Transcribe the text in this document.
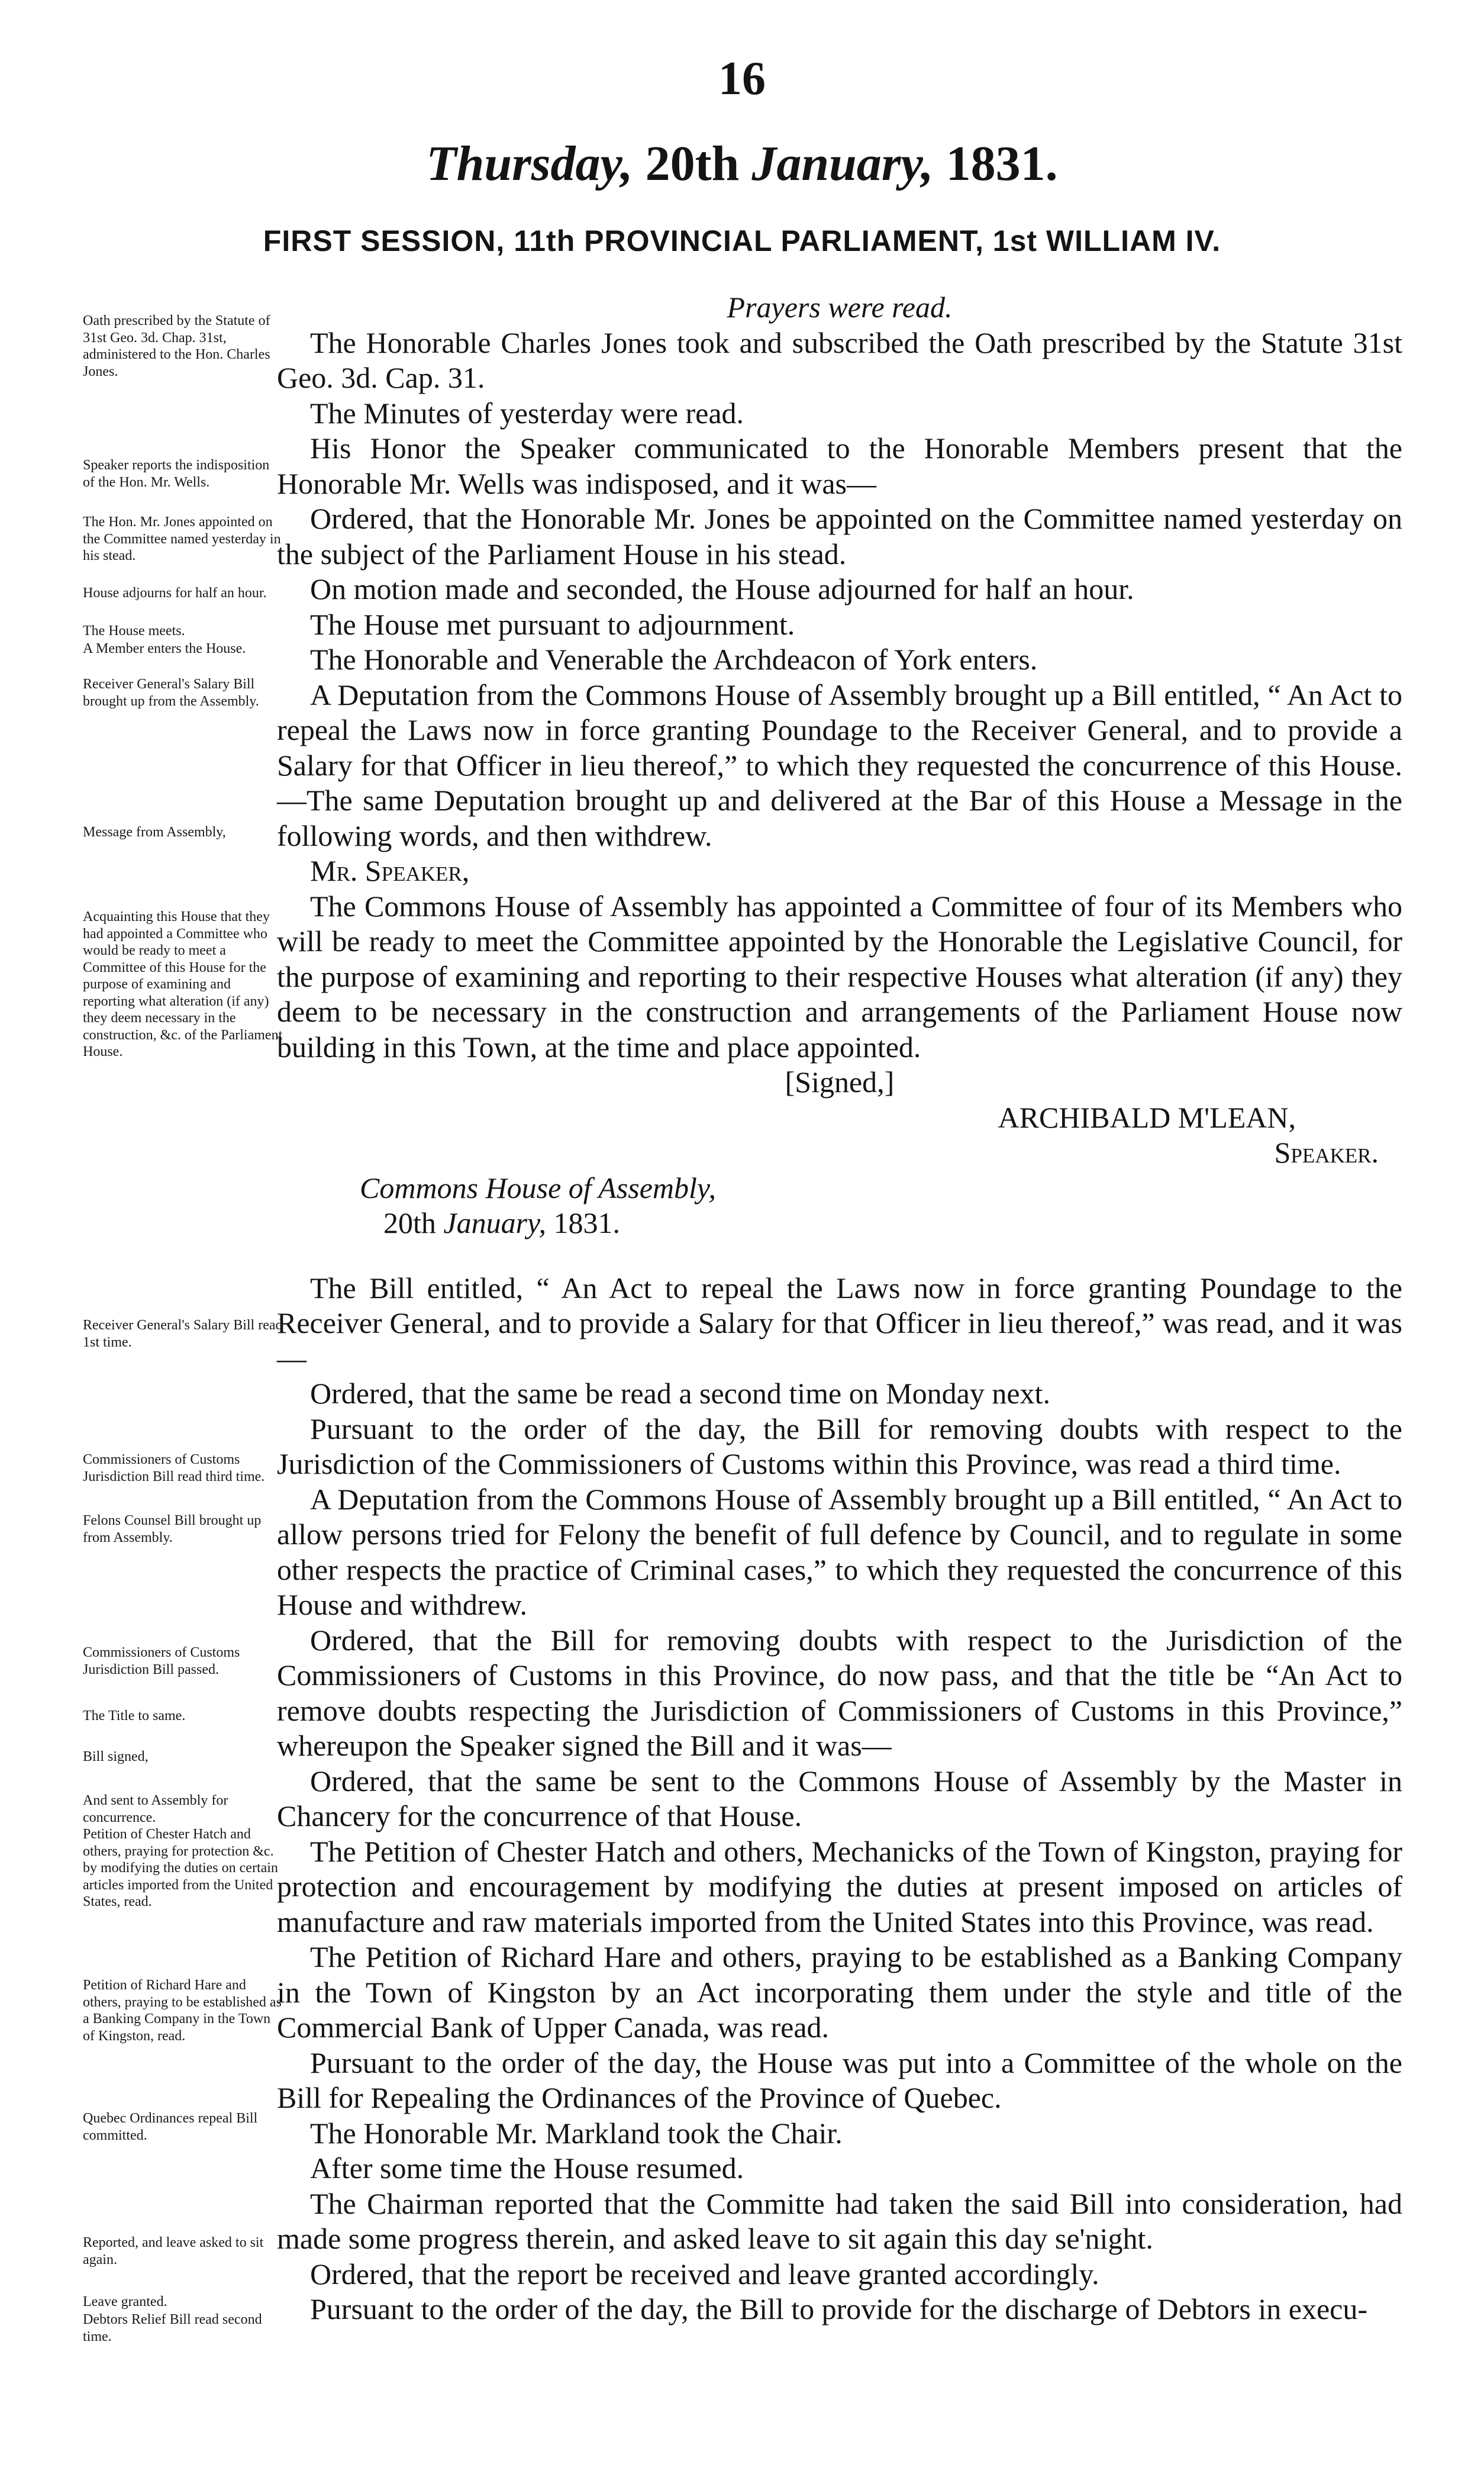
16
Thursday, 20th January, 1831.
FIRST SESSION, 11th PROVINCIAL PARLIAMENT, 1st WILLIAM IV.
Oath prescribed by the Statute of 31st Geo. 3d. Chap. 31st, administered to the Hon. Charles Jones.
Speaker reports the indisposition of the Hon. Mr. Wells.
The Hon. Mr. Jones appointed on the Committee named yesterday in his stead.
House adjourns for half an hour.
The House meets.
A Member enters the House.
Receiver General's Salary Bill brought up from the Assembly.
Message from Assembly,
Acquainting this House that they had appointed a Committee who would be ready to meet a Committee of this House for the purpose of examining and reporting what alteration (if any) they deem necessary in the construction, &c. of the Parliament House.
Receiver General's Salary Bill read 1st time.
Commissioners of Customs Jurisdiction Bill read third time.
Felons Counsel Bill brought up from Assembly.
Commissioners of Customs Jurisdiction Bill passed.
The Title to same.
Bill signed,
And sent to Assembly for concurrence.
Petition of Chester Hatch and others, praying for protection &c. by modifying the duties on certain articles imported from the United States, read.
Petition of Richard Hare and others, praying to be established as a Banking Company in the Town of Kingston, read.
Quebec Ordinances repeal Bill committed.
Reported, and leave asked to sit again.
Leave granted.
Debtors Relief Bill read second time.

Prayers were read.

The Honorable Charles Jones took and subscribed the Oath prescribed by the Statute 31st Geo. 3d. Cap. 31.

The Minutes of yesterday were read.

His Honor the Speaker communicated to the Honorable Members present that the Honorable Mr. Wells was indisposed, and it was—

Ordered, that the Honorable Mr. Jones be appointed on the Committee named yesterday on the subject of the Parliament House in his stead.

On motion made and seconded, the House adjourned for half an hour.

The House met pursuant to adjournment.

The Honorable and Venerable the Archdeacon of York enters.

A Deputation from the Commons House of Assembly brought up a Bill entitled, “ An Act to repeal the Laws now in force granting Poundage to the Receiver General, and to provide a Salary for that Officer in lieu thereof,” to which they requested the concurrence of this House.—The same Deputation brought up and delivered at the Bar of this House a Message in the following words, and then withdrew.

Mr. Speaker,

The Commons House of Assembly has appointed a Committee of four of its Members who will be ready to meet the Committee appointed by the Honorable the Legislative Council, for the purpose of examining and reporting to their respective Houses what alteration (if any) they deem to be necessary in the construction and arrangements of the Parliament House now building in this Town, at the time and place appointed.

[Signed,]

ARCHIBALD M'LEAN,

Speaker.

Commons House of Assembly,

20th January, 1831.

The Bill entitled, “ An Act to repeal the Laws now in force granting Poundage to the Receiver General, and to provide a Salary for that Officer in lieu thereof,” was read, and it was—

Ordered, that the same be read a second time on Monday next.

Pursuant to the order of the day, the Bill for removing doubts with respect to the Jurisdiction of the Commissioners of Customs within this Province, was read a third time.

A Deputation from the Commons House of Assembly brought up a Bill entitled, “ An Act to allow persons tried for Felony the benefit of full defence by Council, and to regulate in some other respects the practice of Criminal cases,” to which they requested the concurrence of this House and withdrew.

Ordered, that the Bill for removing doubts with respect to the Jurisdiction of the Commissioners of Customs in this Province, do now pass, and that the title be “An Act to remove doubts respecting the Jurisdiction of Commissioners of Customs in this Province,” whereupon the Speaker signed the Bill and it was—

Ordered, that the same be sent to the Commons House of Assembly by the Master in Chancery for the concurrence of that House.

The Petition of Chester Hatch and others, Mechanicks of the Town of Kingston, praying for protection and encouragement by modifying the duties at present imposed on articles of manufacture and raw materials imported from the United States into this Province, was read.

The Petition of Richard Hare and others, praying to be established as a Banking Company in the Town of Kingston by an Act incorporating them under the style and title of the Commercial Bank of Upper Canada, was read.

Pursuant to the order of the day, the House was put into a Committee of the whole on the Bill for Repealing the Ordinances of the Province of Quebec.

The Honorable Mr. Markland took the Chair.

After some time the House resumed.

The Chairman reported that the Committe had taken the said Bill into consideration, had made some progress therein, and asked leave to sit again this day se'night.

Ordered, that the report be received and leave granted accordingly.

Pursuant to the order of the day, the Bill to provide for the discharge of Debtors in execu-
